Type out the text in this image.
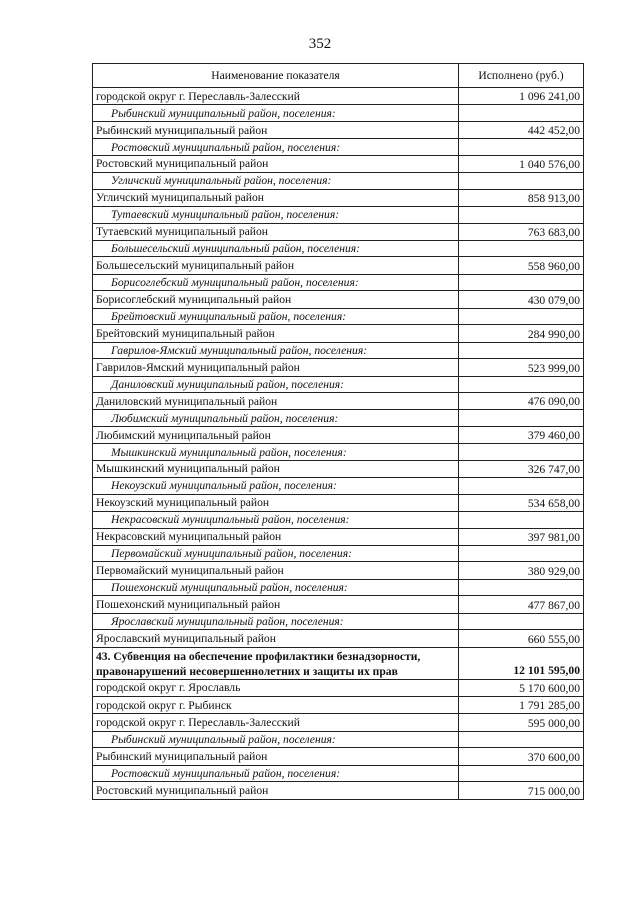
352
Наименование показателя	Исполнено (руб.)
городской округ г. Переславль-Залесский	1 096 241,00
Рыбинский муниципальный район, поселения:	
Рыбинский муниципальный район	442 452,00
Ростовский муниципальный район, поселения:	
Ростовский муниципальный район	1 040 576,00
Угличский муниципальный район, поселения:	
Угличский муниципальный район	858 913,00
Тутаевский муниципальный район, поселения:	
Тутаевский муниципальный район	763 683,00
Большесельский муниципальный район, поселения:	
Большесельский муниципальный район	558 960,00
Борисоглебский муниципальный район, поселения:	
Борисоглебский муниципальный район	430 079,00
Брейтовский муниципальный район, поселения:	
Брейтовский муниципальный район	284 990,00
Гаврилов-Ямский муниципальный район, поселения:	
Гаврилов-Ямский муниципальный район	523 999,00
Даниловский муниципальный район, поселения:	
Даниловский муниципальный район	476 090,00
Любимский муниципальный район, поселения:	
Любимский муниципальный район	379 460,00
Мышкинский муниципальный район, поселения:	
Мышкинский муниципальный район	326 747,00
Некоузский муниципальный район, поселения:	
Некоузский муниципальный район	534 658,00
Некрасовский муниципальный район, поселения:	
Некрасовский муниципальный район	397 981,00
Первомайский муниципальный район, поселения:	
Первомайский муниципальный район	380 929,00
Пошехонский муниципальный район, поселения:	
Пошехонский муниципальный район	477 867,00
Ярославский муниципальный район, поселения:	
Ярославский муниципальный район	660 555,00
43. Субвенция на обеспечение профилактики безнадзорности, правонарушений несовершеннолетних и защиты их прав	12 101 595,00
городской округ г. Ярославль	5 170 600,00
городской округ г. Рыбинск	1 791 285,00
городской округ г. Переславль-Залесский	595 000,00
Рыбинский муниципальный район, поселения:	
Рыбинский муниципальный район	370 600,00
Ростовский муниципальный район, поселения:	
Ростовский муниципальный район	715 000,00
